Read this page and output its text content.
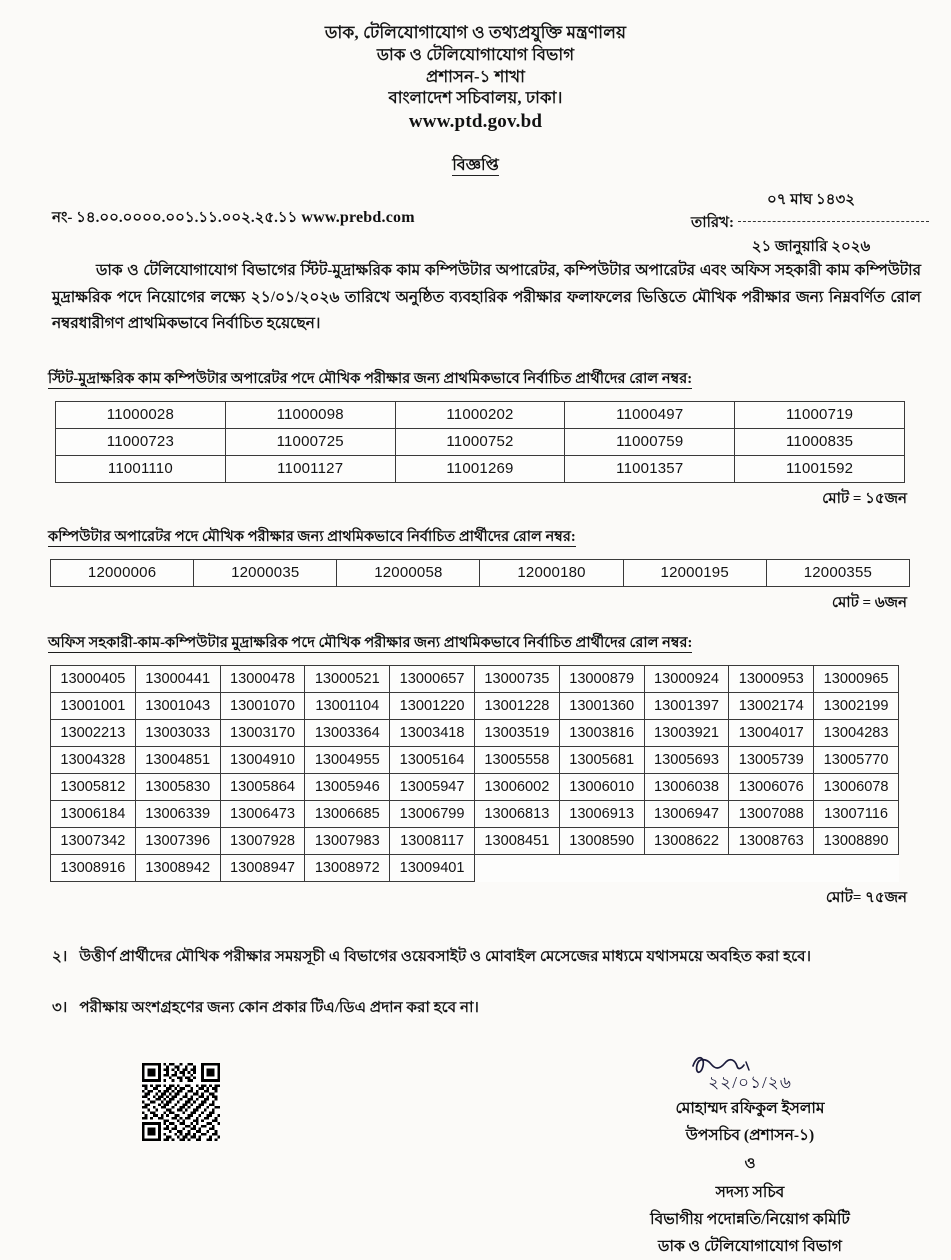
ডাক, টেলিযোগাযোগ ও তথ্যপ্রযুক্তি মন্ত্রণালয়
ডাক ও টেলিযোগাযোগ বিভাগ
প্রশাসন-১ শাখা
বাংলাদেশ সচিবালয়, ঢাকা।
www.ptd.gov.bd
বিজ্ঞপ্তি
নং- ১৪.০০.০০০০.০০১.১১.০০২.২৫.১১ www.prebd.com
০৭ মাঘ ১৪৩২
তারিখ:
২১ জানুয়ারি ২০২৬
ডাক ও টেলিযোগাযোগ বিভাগের স্টিট-মুদ্রাক্ষরিক কাম কম্পিউটার অপারেটর, কম্পিউটার অপারেটর এবং অফিস সহকারী কাম কম্পিউটার মুদ্রাক্ষরিক পদে নিয়োগের লক্ষ্যে ২১/০১/২০২৬ তারিখে অনুষ্ঠিত ব্যবহারিক পরীক্ষার ফলাফলের ভিত্তিতে মৌখিক পরীক্ষার জন্য নিম্নবর্ণিত রোল নম্বরধারীগণ প্রাথমিকভাবে নির্বাচিত হয়েছেন।
স্টিট-মুদ্রাক্ষরিক কাম কম্পিউটার অপারেটর পদে মৌখিক পরীক্ষার জন্য প্রাথমিকভাবে নির্বাচিত প্রার্থীদের রোল নম্বর:
11000028	11000098	11000202	11000497	11000719
11000723	11000725	11000752	11000759	11000835
11001110	11001127	11001269	11001357	11001592
মোট = ১৫জন
কম্পিউটার অপারেটর পদে মৌখিক পরীক্ষার জন্য প্রাথমিকভাবে নির্বাচিত প্রার্থীদের রোল নম্বর:
12000006	12000035	12000058	12000180	12000195	12000355
মোট = ৬জন
অফিস সহকারী-কাম-কম্পিউটার মুদ্রাক্ষরিক পদে মৌখিক পরীক্ষার জন্য প্রাথমিকভাবে নির্বাচিত প্রার্থীদের রোল নম্বর:
13000405	13000441	13000478	13000521	13000657	13000735	13000879	13000924	13000953	13000965
13001001	13001043	13001070	13001104	13001220	13001228	13001360	13001397	13002174	13002199
13002213	13003033	13003170	13003364	13003418	13003519	13003816	13003921	13004017	13004283
13004328	13004851	13004910	13004955	13005164	13005558	13005681	13005693	13005739	13005770
13005812	13005830	13005864	13005946	13005947	13006002	13006010	13006038	13006076	13006078
13006184	13006339	13006473	13006685	13006799	13006813	13006913	13006947	13007088	13007116
13007342	13007396	13007928	13007983	13008117	13008451	13008590	13008622	13008763	13008890
13008916	13008942	13008947	13008972	13009401					
মোট= ৭৫জন
২। উত্তীর্ণ প্রার্থীদের মৌখিক পরীক্ষার সময়সূচী এ বিভাগের ওয়েবসাইট ও মোবাইল মেসেজের মাধ্যমে যথাসময়ে অবহিত করা হবে।
৩। পরীক্ষায় অংশগ্রহণের জন্য কোন প্রকার টিএ/ডিএ প্রদান করা হবে না।
২২/০১/২৬
মোহাম্মদ রফিকুল ইসলাম
উপসচিব (প্রশাসন-১)
ও
সদস্য সচিব
বিভাগীয় পদোন্নতি/নিয়োগ কমিটি
ডাক ও টেলিযোগাযোগ বিভাগ
